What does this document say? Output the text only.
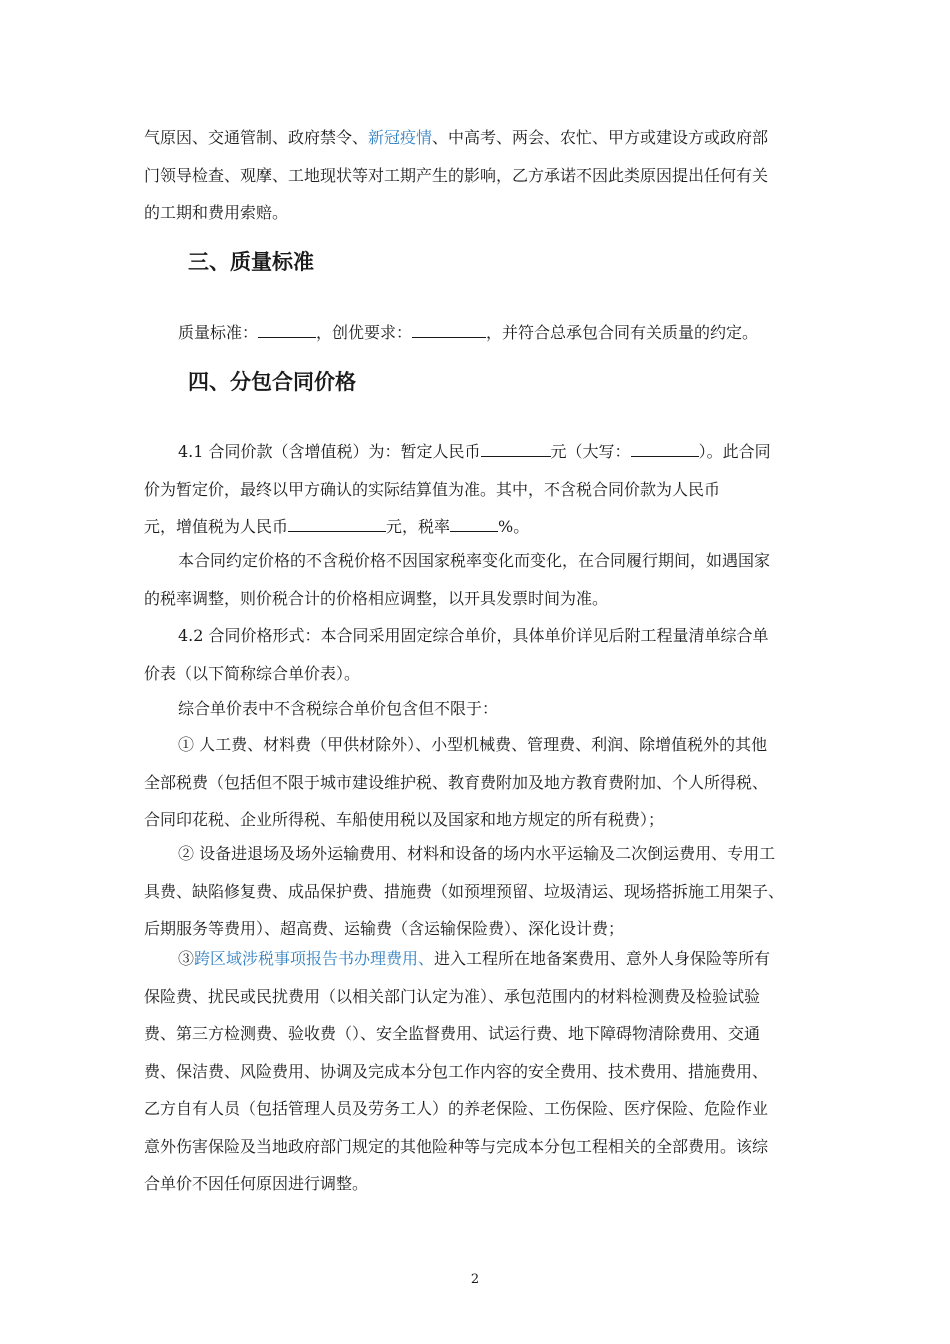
气原因、交通管制、政府禁令、新冠疫情、中高考、两会、农忙、甲方或建设方或政府部
门领导检查、观摩、工地现状等对工期产生的影响，乙方承诺不因此类原因提出任何有关
的工期和费用索赔。
三、质量标准
质量标准：	，创优要求：	，并符合总承包合同有关质量的约定。
四、分包合同价格
4.1 合同价款（含增值税）为：暂定人民币	元（大写：	）。此合同
价为暂定价，最终以甲方确认的实际结算值为准。其中，不含税合同价款为人民币
元，增值税为人民币	元，税率	%。
本合同约定价格的不含税价格不因国家税率变化而变化，在合同履行期间，如遇国家
的税率调整，则价税合计的价格相应调整，以开具发票时间为准。
4.2 合同价格形式：本合同采用固定综合单价，具体单价详见后附工程量清单综合单
价表（以下简称综合单价表）。
综合单价表中不含税综合单价包含但不限于：
① 人工费、材料费（甲供材除外）、小型机械费、管理费、利润、除增值税外的其他
全部税费（包括但不限于城市建设维护税、教育费附加及地方教育费附加、个人所得税、
合同印花税、企业所得税、车船使用税以及国家和地方规定的所有税费）；
② 设备进退场及场外运输费用、材料和设备的场内水平运输及二次倒运费用、专用工
具费、缺陷修复费、成品保护费、措施费（如预埋预留、垃圾清运、现场搭拆施工用架子、
后期服务等费用）、超高费、运输费（含运输保险费）、深化设计费；
③跨区域涉税事项报告书办理费用、进入工程所在地备案费用、意外人身保险等所有
保险费、扰民或民扰费用（以相关部门认定为准）、承包范围内的材料检测费及检验试验
费、第三方检测费、验收费（）、安全监督费用、试运行费、地下障碍物清除费用、交通
费、保洁费、风险费用、协调及完成本分包工作内容的安全费用、技术费用、措施费用、
乙方自有人员（包括管理人员及劳务工人）的养老保险、工伤保险、医疗保险、危险作业
意外伤害保险及当地政府部门规定的其他险种等与完成本分包工程相关的全部费用。该综
合单价不因任何原因进行调整。
2
